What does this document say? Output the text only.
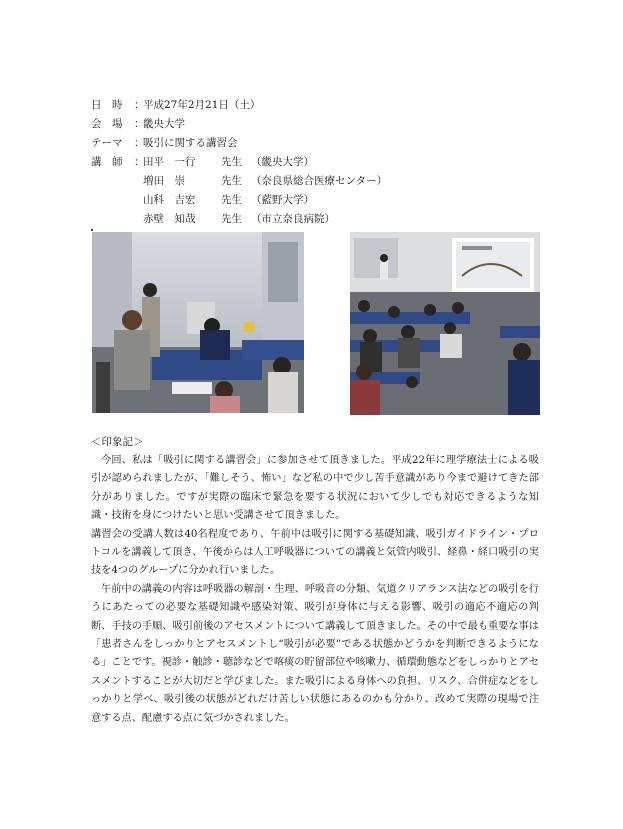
日　時	：
平成27年2月21日（土）
会　場	：
畿央大学
テーマ	：
吸引に関する講習会
講　師	：
田平　一行	先生 （畿央大学）
増田　崇	先生 （奈良県総合医療センター）
山科　吉宏	先生 （藍野大学）
赤壁　知哉	先生 （市立奈良病院）
＜印象記＞

今回、私は「吸引に関する講習会」に参加させて頂きました。平成22年に理学療法士による吸引が認められましたが、「難しそう、怖い」など私の中で少し苦手意識があり今まで避けてきた部分がありました。ですが実際の臨床で緊急を要する状況において少しでも対応できるような知識・技術を身につけたいと思い受講させて頂きました。

講習会の受講人数は40名程度であり、午前中は吸引に関する基礎知識、吸引ガイドライン・プロトコルを講義して頂き、午後からは人工呼吸器についての講義と気管内吸引、経鼻・経口吸引の実技を4つのグループに分かれ行いました。

午前中の講義の内容は呼吸器の解剖・生理、呼吸音の分類、気道クリアランス法などの吸引を行うにあたっての必要な基礎知識や感染対策、吸引が身体に与える影響、吸引の適応不適応の判断、手技の手順、吸引前後のアセスメントについて講義して頂きました。その中で最も重要な事は「患者さんをしっかりとアセスメントし“吸引が必要”である状態かどうかを判断できるようになる」ことです。視診・触診・聴診などで喀痰の貯留部位や咳嗽力、循環動態などをしっかりとアセスメントすることが大切だと学びました。また吸引による身体への負担、リスク、合併症などをしっかりと学べ、吸引後の状態がどれだけ苦しい状態にあるのかも分かり、改めて実際の現場で注意する点、配慮する点に気づかされました。
